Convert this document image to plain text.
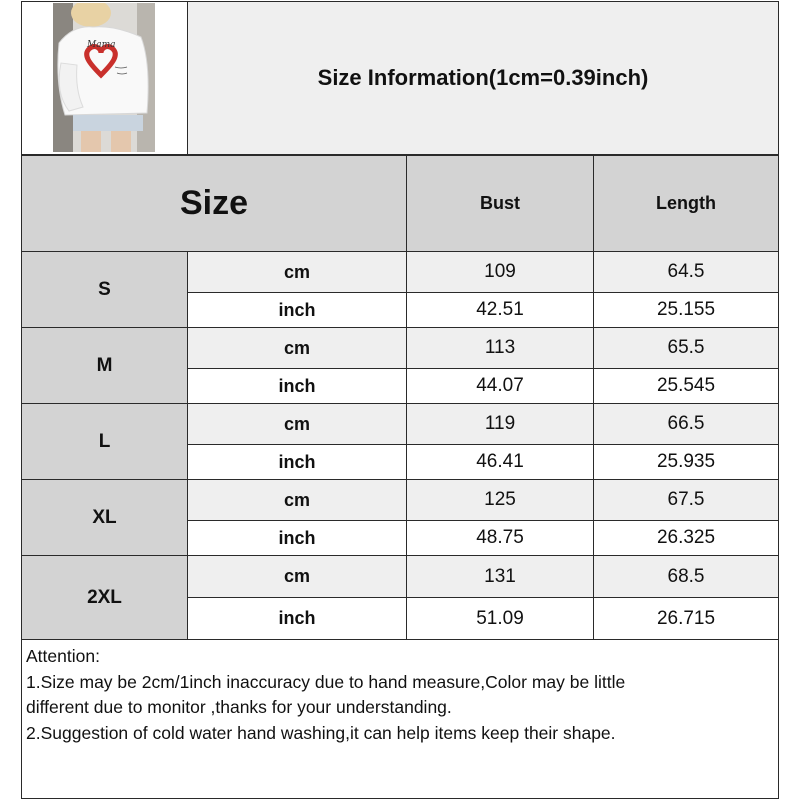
Mama
Size Information(1cm=0.39inch)
Size	Bust	Length
S
cm	109	64.5
inch	42.51	25.155
M
cm	113	65.5
inch	44.07	25.545
L
cm	119	66.5
inch	46.41	25.935
XL
cm	125	67.5
inch	48.75	26.325
2XL
cm	131	68.5
inch	51.09	26.715
Attention:
1.Size may be 2cm/1inch inaccuracy due to hand measure,Color may be little
different due to monitor ,thanks for your understanding.
2.Suggestion of cold water hand washing,it can help items keep their shape.
